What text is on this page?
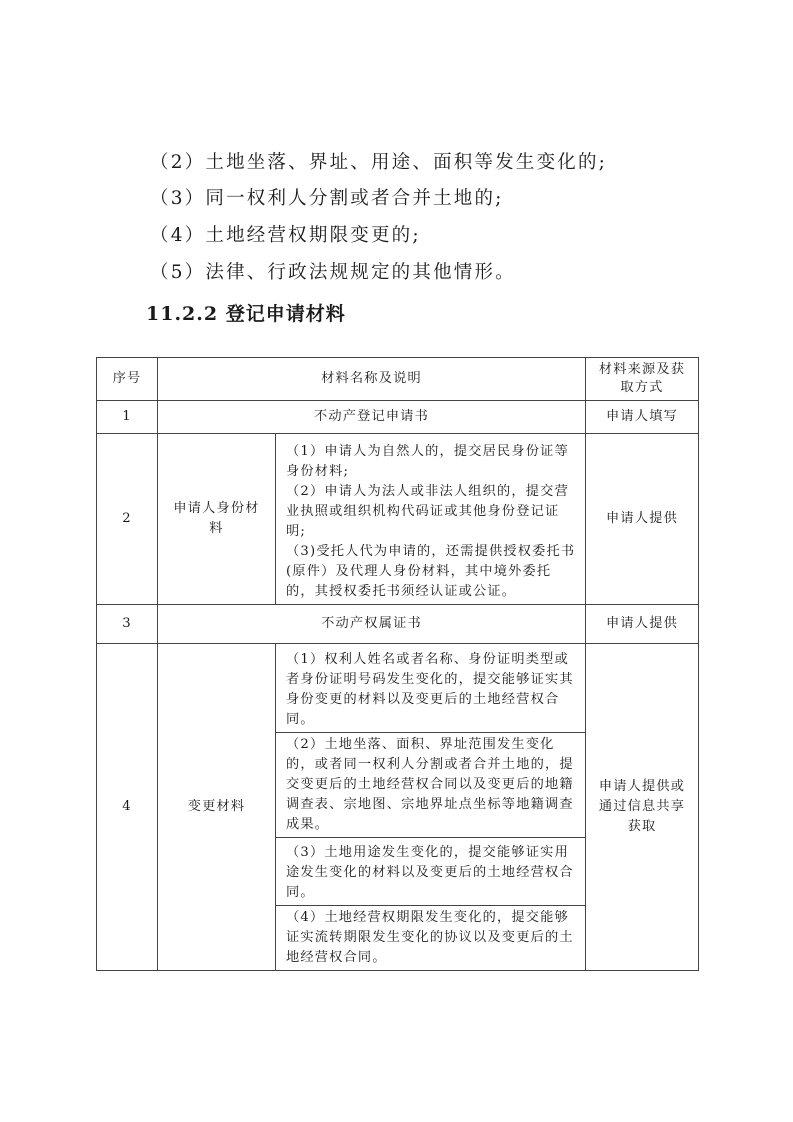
（2）土地坐落、界址、用途、面积等发生变化的;
（3）同一权利人分割或者合并土地的;
（4）土地经营权期限变更的;
（5）法律、行政法规规定的其他情形。
11.2.2 登记申请材料
序号	材料名称及说明		材料来源及获取方式
1	不动产登记申请书		申请人填写
2	申请人身份材料	（1）申请人为自然人的，提交居民身份证等身份材料;
（2）申请人为法人或非法人组织的，提交营业执照或组织机构代码证或其他身份登记证明;
（3)受托人代为申请的，还需提供授权委托书(原件）及代理人身份材料，其中境外委托的，其授权委托书须经认证或公证。	申请人提供
3	不动产权属证书		申请人提供
4	变更材料	（1）权利人姓名或者名称、身份证明类型或者身份证明号码发生变化的，提交能够证实其身份变更的材料以及变更后的土地经营权合同。	申请人提供或通过信息共享获取
		（2）土地坐落、面积、界址范围发生变化的，或者同一权利人分割或者合并土地的，提交变更后的土地经营权合同以及变更后的地籍调查表、宗地图、宗地界址点坐标等地籍调查成果。	
		（3）土地用途发生变化的，提交能够证实用途发生变化的材料以及变更后的土地经营权合同。	
		（4）土地经营权期限发生变化的，提交能够证实流转期限发生变化的协议以及变更后的土地经营权合同。	
